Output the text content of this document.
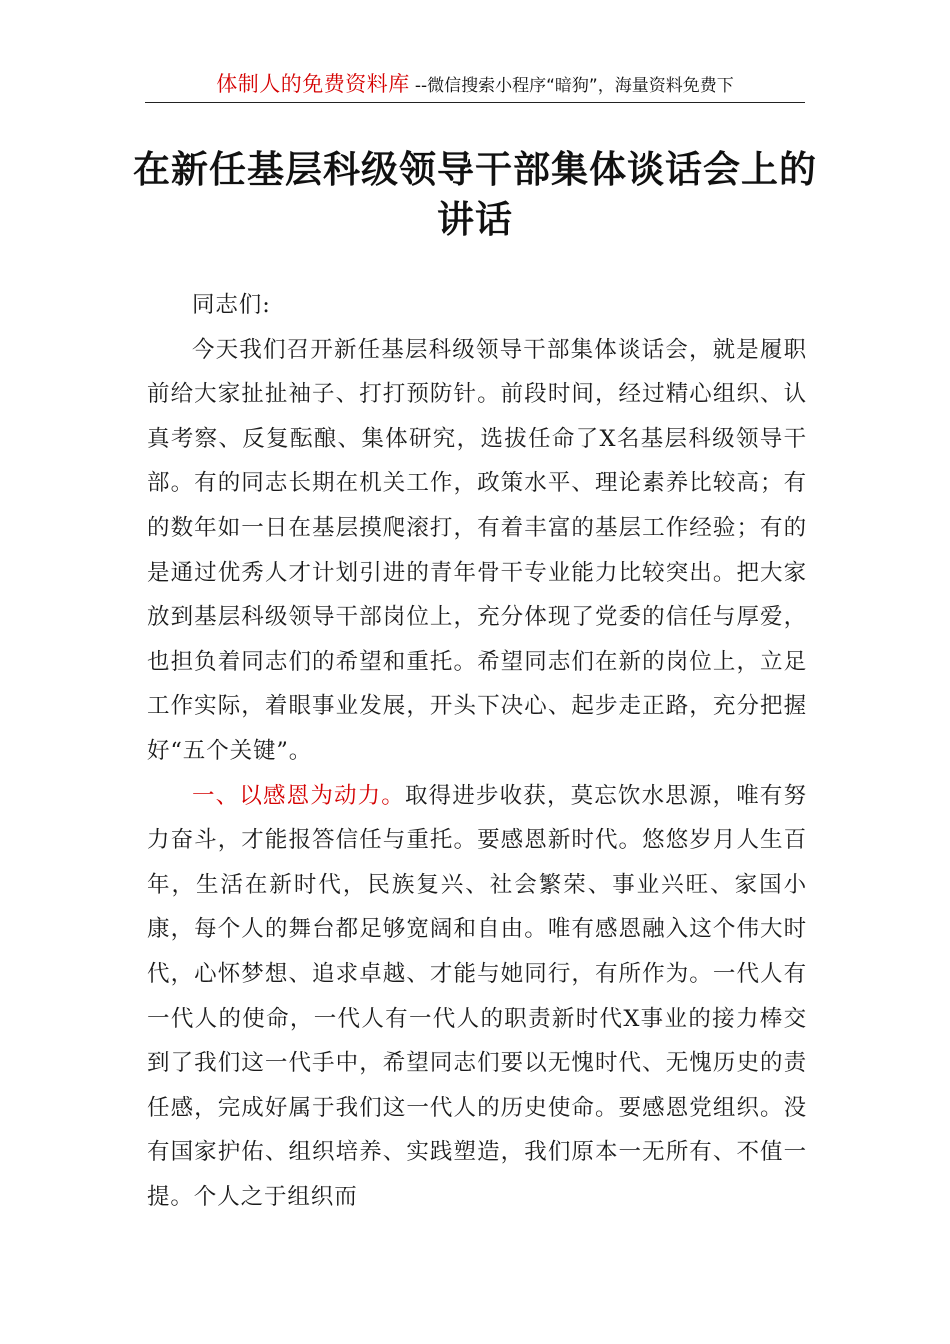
体制人的免费资料库 --微信搜索小程序“暗狗”，海量资料免费下
在新任基层科级领导干部集体谈话会上的讲话

同志们:

今天我们召开新任基层科级领导干部集体谈话会，就是履职前给大家扯扯袖子、打打预防针。前段时间，经过精心组织、认真考察、反复酝酿、集体研究，选拔任命了X名基层科级领导干部。有的同志长期在机关工作，政策水平、理论素养比较高；有的数年如一日在基层摸爬滚打，有着丰富的基层工作经验；有的是通过优秀人才计划引进的青年骨干专业能力比较突出。把大家放到基层科级领导干部岗位上，充分体现了党委的信任与厚爱，也担负着同志们的希望和重托。希望同志们在新的岗位上，立足工作实际，着眼事业发展，开头下决心、起步走正路，充分把握好“五个关键”。

一、以感恩为动力。取得进步收获，莫忘饮水思源，唯有努力奋斗，才能报答信任与重托。要感恩新时代。悠悠岁月人生百年，生活在新时代，民族复兴、社会繁荣、事业兴旺、家国小康，每个人的舞台都足够宽阔和自由。唯有感恩融入这个伟大时代，心怀梦想、追求卓越、才能与她同行，有所作为。一代人有一代人的使命，一代人有一代人的职责新时代X事业的接力棒交到了我们这一代手中，希望同志们要以无愧时代、无愧历史的责任感，完成好属于我们这一代人的历史使命。要感恩党组织。没有国家护佑、组织培养、实践塑造，我们原本一无所有、不值一提。个人之于组织而
